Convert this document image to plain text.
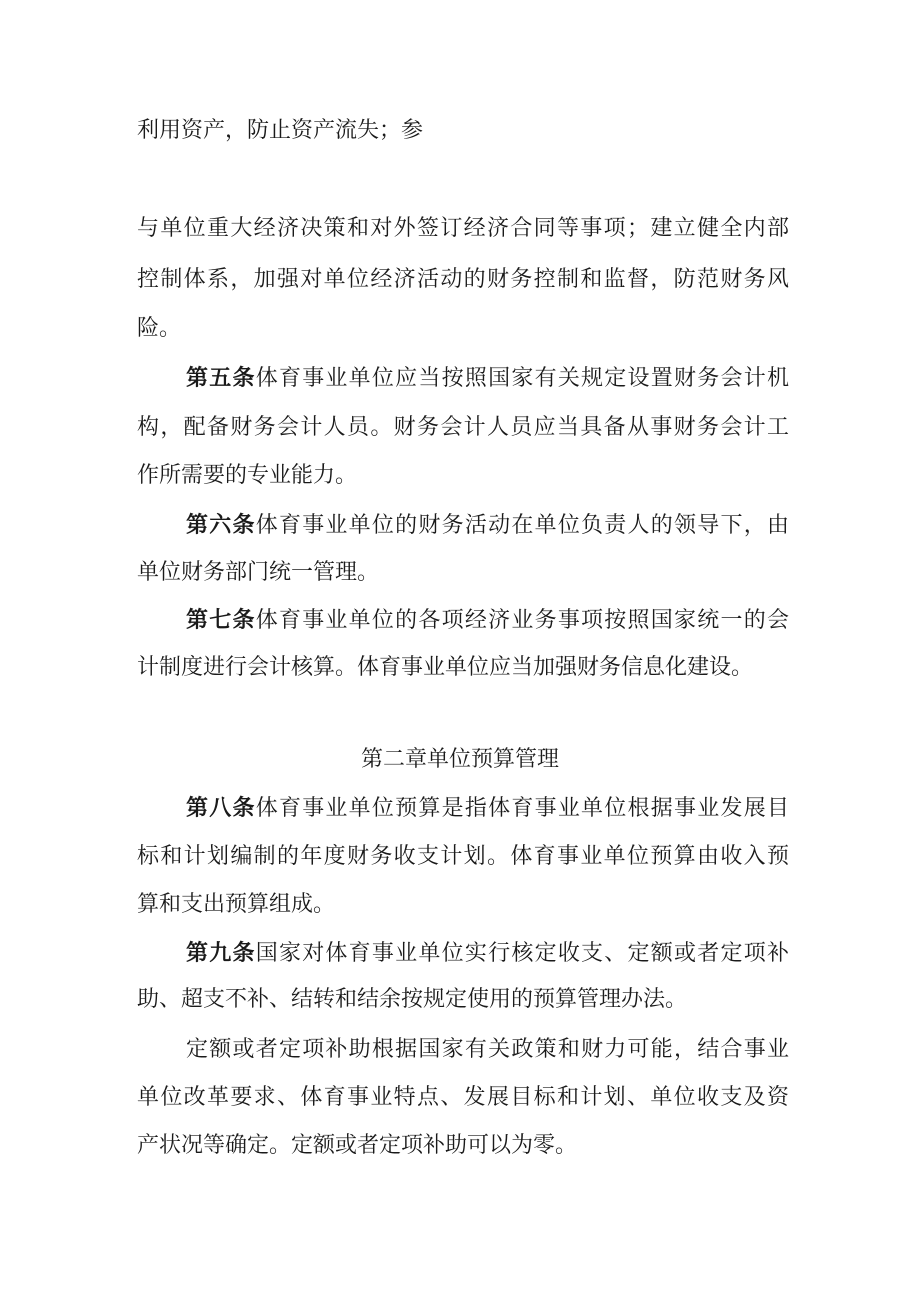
利用资产，防止资产流失；参
与单位重大经济决策和对外签订经济合同等事项；建立健全内部
控制体系，加强对单位经济活动的财务控制和监督，防范财务风
险。
第五条体育事业单位应当按照国家有关规定设置财务会计机
构，配备财务会计人员。财务会计人员应当具备从事财务会计工
作所需要的专业能力。
第六条体育事业单位的财务活动在单位负责人的领导下，由
单位财务部门统一管理。
第七条体育事业单位的各项经济业务事项按照国家统一的会
计制度进行会计核算。体育事业单位应当加强财务信息化建设。
第二章单位预算管理
第八条体育事业单位预算是指体育事业单位根据事业发展目
标和计划编制的年度财务收支计划。体育事业单位预算由收入预
算和支出预算组成。
第九条国家对体育事业单位实行核定收支、定额或者定项补
助、超支不补、结转和结余按规定使用的预算管理办法。
定额或者定项补助根据国家有关政策和财力可能，结合事业
单位改革要求、体育事业特点、发展目标和计划、单位收支及资
产状况等确定。定额或者定项补助可以为零。
